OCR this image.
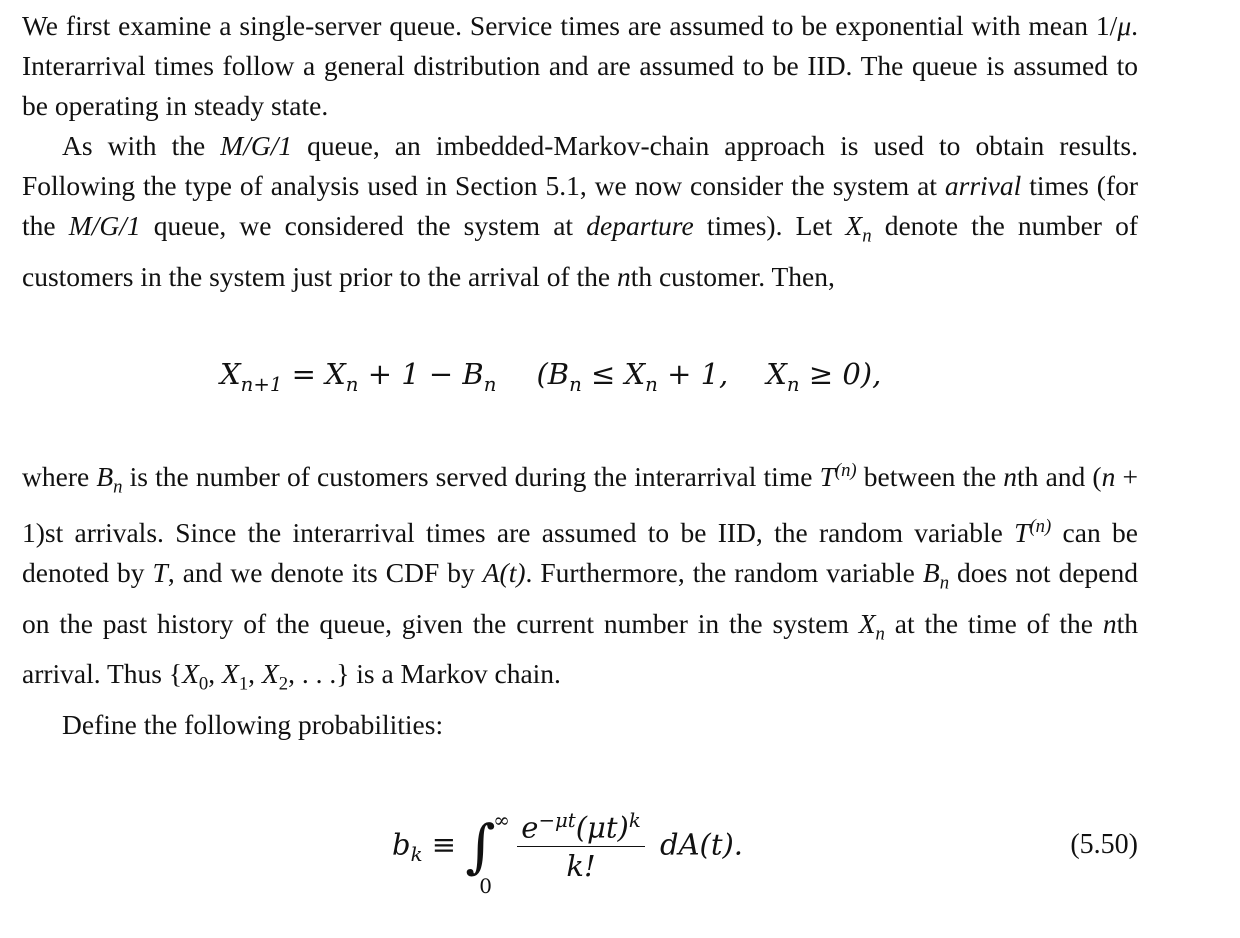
We first examine a single-server queue. Service times are assumed to be exponential with mean 1/μ. Interarrival times follow a general distribution and are assumed to be IID. The queue is assumed to be operating in steady state.

As with the M/G/1 queue, an imbedded-Markov-chain approach is used to obtain results. Following the type of analysis used in Section 5.1, we now consider the system at arrival times (for the M/G/1 queue, we considered the system at departure times). Let $X_n$ denote the number of customers in the system just prior to the arrival of the nth customer. Then,

$X_{n+1} = X_n + 1 - B_n$ ($B_n \le X_n + 1$, $X_n \ge 0$),

where $B_n$ is the number of customers served during the interarrival time $T^{(n)}$ between the nth and (n + 1)st arrivals. Since the interarrival times are assumed to be IID, the random variable $T^{(n)}$ can be denoted by T, and we denote its CDF by A(t). Furthermore, the random variable $B_n$ does not depend on the past history of the queue, given the current number in the system $X_n$ at the time of the nth arrival. Thus {$X_0$, $X_1$, $X_2$, . . .} is a Markov chain.

Define the following probabilities:

$b_k$ ≡ ∫
∞
0
$\frac{e^{-\mu t}(\mu t)^k}{k!} dA(t)$.	(5.50)
